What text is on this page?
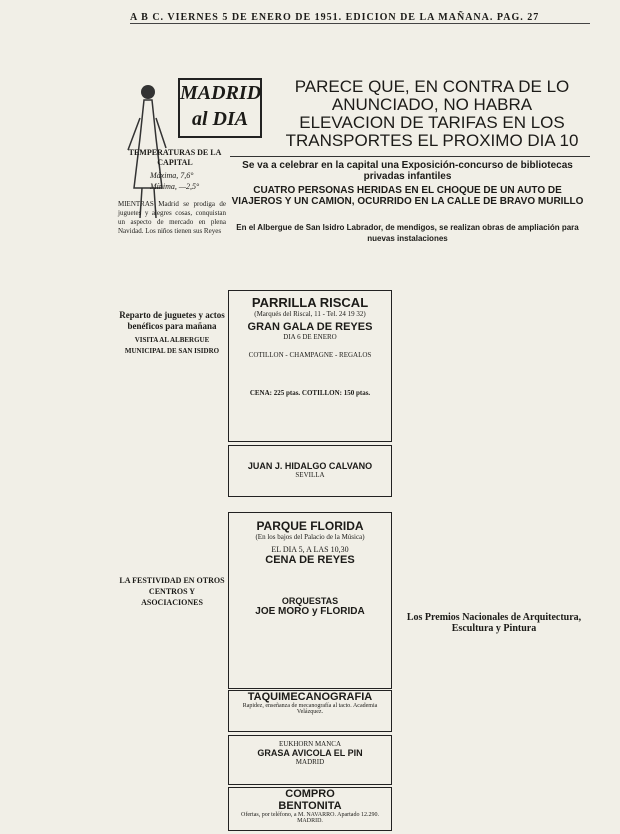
A B C. VIERNES 5 DE ENERO DE 1951. EDICION DE LA MAÑANA. PAG. 27
MADRID
al DIA
TEMPERATURAS DE LA CAPITAL
Máxima, 7,6°
Mínima, —2,5°
MIENTRAS Madrid se prodiga de juguetes y alegres cosas, conquistan un aspecto de mercado en plena Navidad. Los niños tienen sus Reyes

Reparto de juguetes y actos benéficos para mañana
VISITA AL ALBERGUE MUNICIPAL DE SAN ISIDRO
LA FESTIVIDAD EN OTROS CENTROS Y ASOCIACIONES
PARECE QUE, EN CONTRA DE LO ANUNCIADO, NO HABRA ELEVACION DE TARIFAS EN LOS TRANSPORTES EL PROXIMO DIA 10
Se va a celebrar en la capital una Exposición-concurso de bibliotecas privadas infantiles
CUATRO PERSONAS HERIDAS EN EL CHOQUE DE UN AUTO DE VIAJEROS Y UN CAMION, OCURRIDO EN LA CALLE DE BRAVO MURILLO
En el Albergue de San Isidro Labrador, de mendigos, se realizan obras de ampliación para nuevas instalaciones
PARRILLA RISCAL
(Marqués del Riscal, 11 - Tel. 24 19 32)
GRAN GALA DE REYES
DIA 6 DE ENERO
COTILLON - CHAMPAGNE - REGALOS
CENA: 225 ptas. COTILLON: 150 ptas.
JUAN J. HIDALGO CALVANO
SEVILLA
PARQUE FLORIDA
(En los bajos del Palacio de la Música)
EL DIA 5, A LAS 10,30
CENA DE REYES
ORQUESTAS
JOE MORO y FLORIDA
TAQUIMECANOGRAFIA
Rapidez, enseñanza de mecanografía al tacto. Academia Velázquez.
EUKHORN MANCA
GRASA AVICOLA EL PIN
MADRID
COMPRO
BENTONITA
Ofertas, por teléfono, a M. NAVARRO. Apartado 12.290. MADRID.
Los Premios Nacionales de Arquitectura, Escultura y Pintura
